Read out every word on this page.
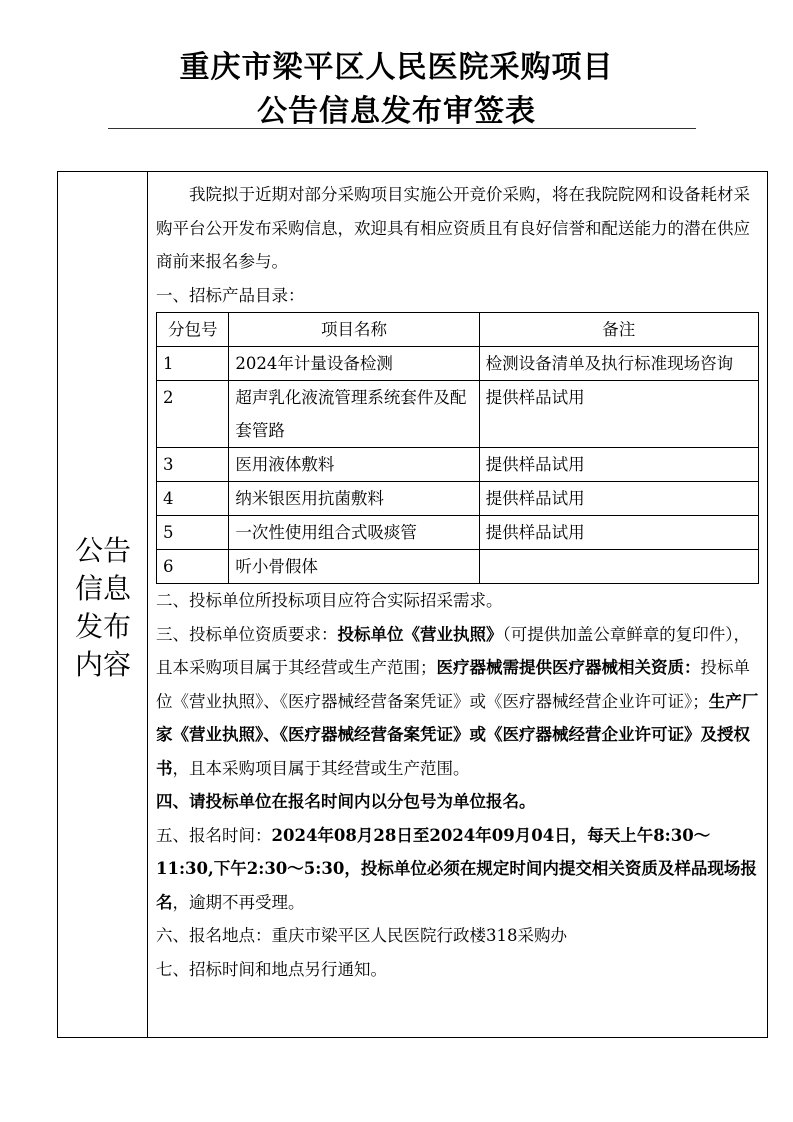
重庆市梁平区人民医院采购项目
公告信息发布审签表
公告
信息
发布
内容

我院拟于近期对部分采购项目实施公开竞价采购，将在我院院网和设备耗材采购平台公开发布采购信息，欢迎具有相应资质且有良好信誉和配送能力的潜在供应商前来报名参与。

一、招标产品目录：

分包号	项目名称	备注
1	2024年计量设备检测	检测设备清单及执行标准现场咨询
2	超声乳化液流管理系统套件及配套管路	提供样品试用
3	医用液体敷料	提供样品试用
4	纳米银医用抗菌敷料	提供样品试用
5	一次性使用组合式吸痰管	提供样品试用
6	听小骨假体	

二、投标单位所投标项目应符合实际招采需求。

三、投标单位资质要求：投标单位《营业执照》（可提供加盖公章鲜章的复印件），且本采购项目属于其经营或生产范围；医疗器械需提供医疗器械相关资质：投标单位《营业执照》、《医疗器械经营备案凭证》或《医疗器械经营企业许可证》；生产厂家《营业执照》、《医疗器械经营备案凭证》或《医疗器械经营企业许可证》及授权书，且本采购项目属于其经营或生产范围。

四、请投标单位在报名时间内以分包号为单位报名。

五、报名时间：2024年08月28日至2024年09月04日，每天上午8:30～11:30,下午2:30～5:30，投标单位必须在规定时间内提交相关资质及样品现场报名，逾期不再受理。

六、报名地点：重庆市梁平区人民医院行政楼318采购办

七、招标时间和地点另行通知。
